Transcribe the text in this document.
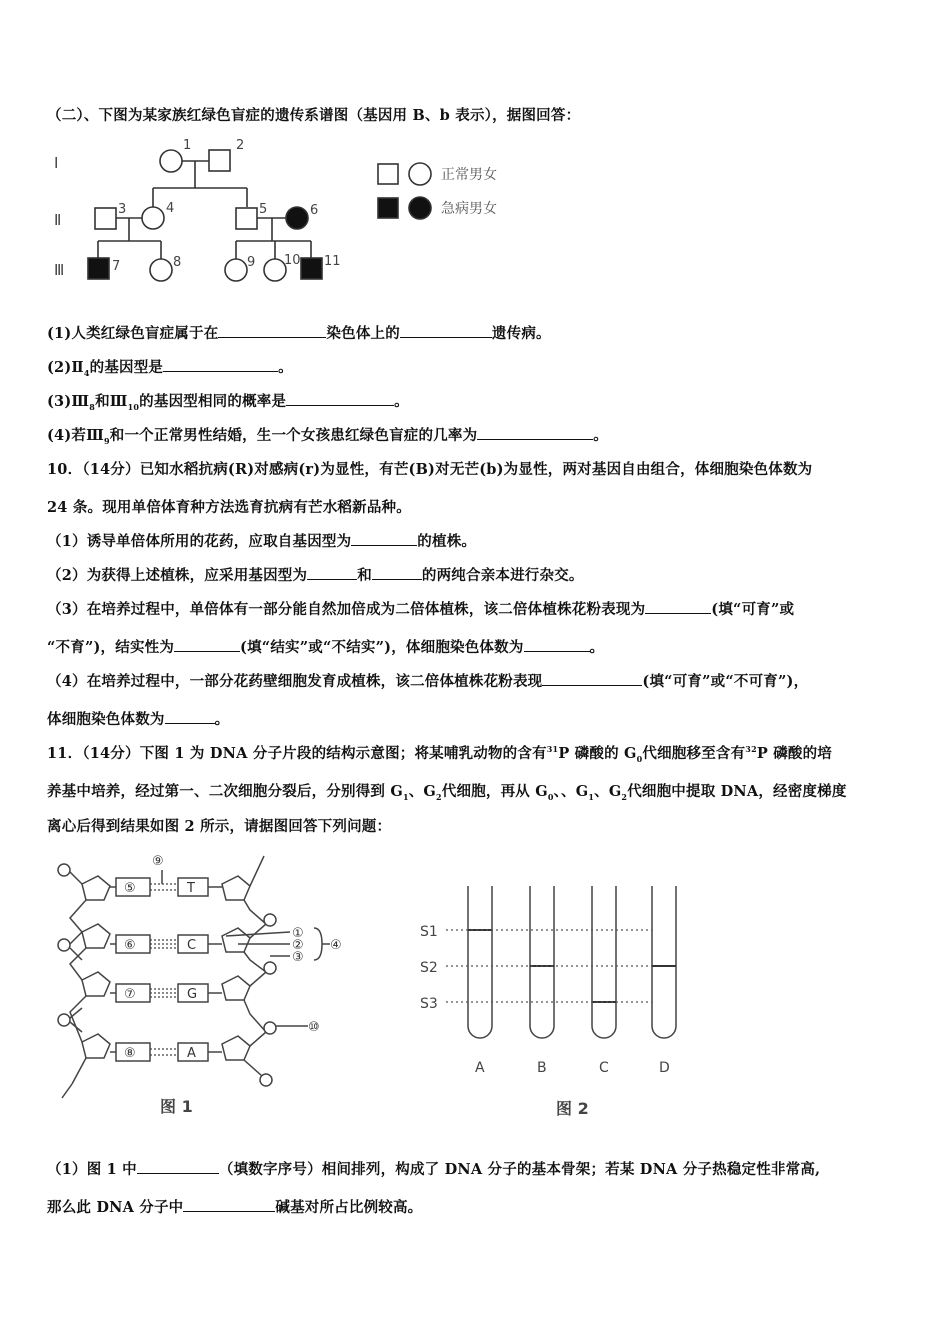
（二）、下图为某家族红绿色盲症的遗传系谱图（基因用 B、b 表示），据图回答：
Ⅰ
Ⅱ
Ⅲ
1	2
3	4	5	6
7	8	9 10 11
正常男女
急病男女
(1)人类红绿色盲症属于在	染色体上的	遗传病。
$(2)Ⅱ_4$的基因型是	。
$(3)Ⅲ_8$和$Ⅲ_{10}$的基因型相同的概率是	。
(4)若$Ⅲ_9$和一个正常男性结婚，生一个女孩患红绿色盲症的几率为	。
10．（14分）已知水稻抗病(R)对感病(r)为显性，有芒(B)对无芒(b)为显性，两对基因自由组合，体细胞染色体数为
24 条。现用单倍体育种方法选育抗病有芒水稻新品种。
（1）诱导单倍体所用的花药，应取自基因型为	的植株。
（2）为获得上述植株，应采用基因型为	和	的两纯合亲本进行杂交。
（3）在培养过程中，单倍体有一部分能自然加倍成为二倍体植株，该二倍体植株花粉表现为	(填“可育”或
“不育”)，结实性为	(填“结实”或“不结实”)，体细胞染色体数为	。
（4）在培养过程中，一部分花药壁细胞发育成植株，该二倍体植株花粉表现	(填“可育”或“不可育”)，
体细胞染色体数为	。
11．（14分）下图 1 为 DNA 分子片段的结构示意图；将某哺乳动物的含有$^{31}$P 磷酸的 $G_0$代细胞移至含有$^{32}$P 磷酸的培
养基中培养，经过第一、二次细胞分裂后，分别得到 $G_1$、$G_2$代细胞，再从 $G_0$、、$G_1$、$G_2$代细胞中提取 DNA，经密度梯度
离心后得到结果如图 2 所示，请据图回答下列问题：
⑤
⑥
⑦
⑧
⑨
①
②
③
④
⑩
T
C
G
A
图 1
S1
S2
S3
A	B	C	D
图 2
（1）图 1 中	（填数字序号）相间排列，构成了 DNA 分子的基本骨架；若某 DNA 分子热稳定性非常高,
那么此 DNA 分子中	碱基对所占比例较高。
